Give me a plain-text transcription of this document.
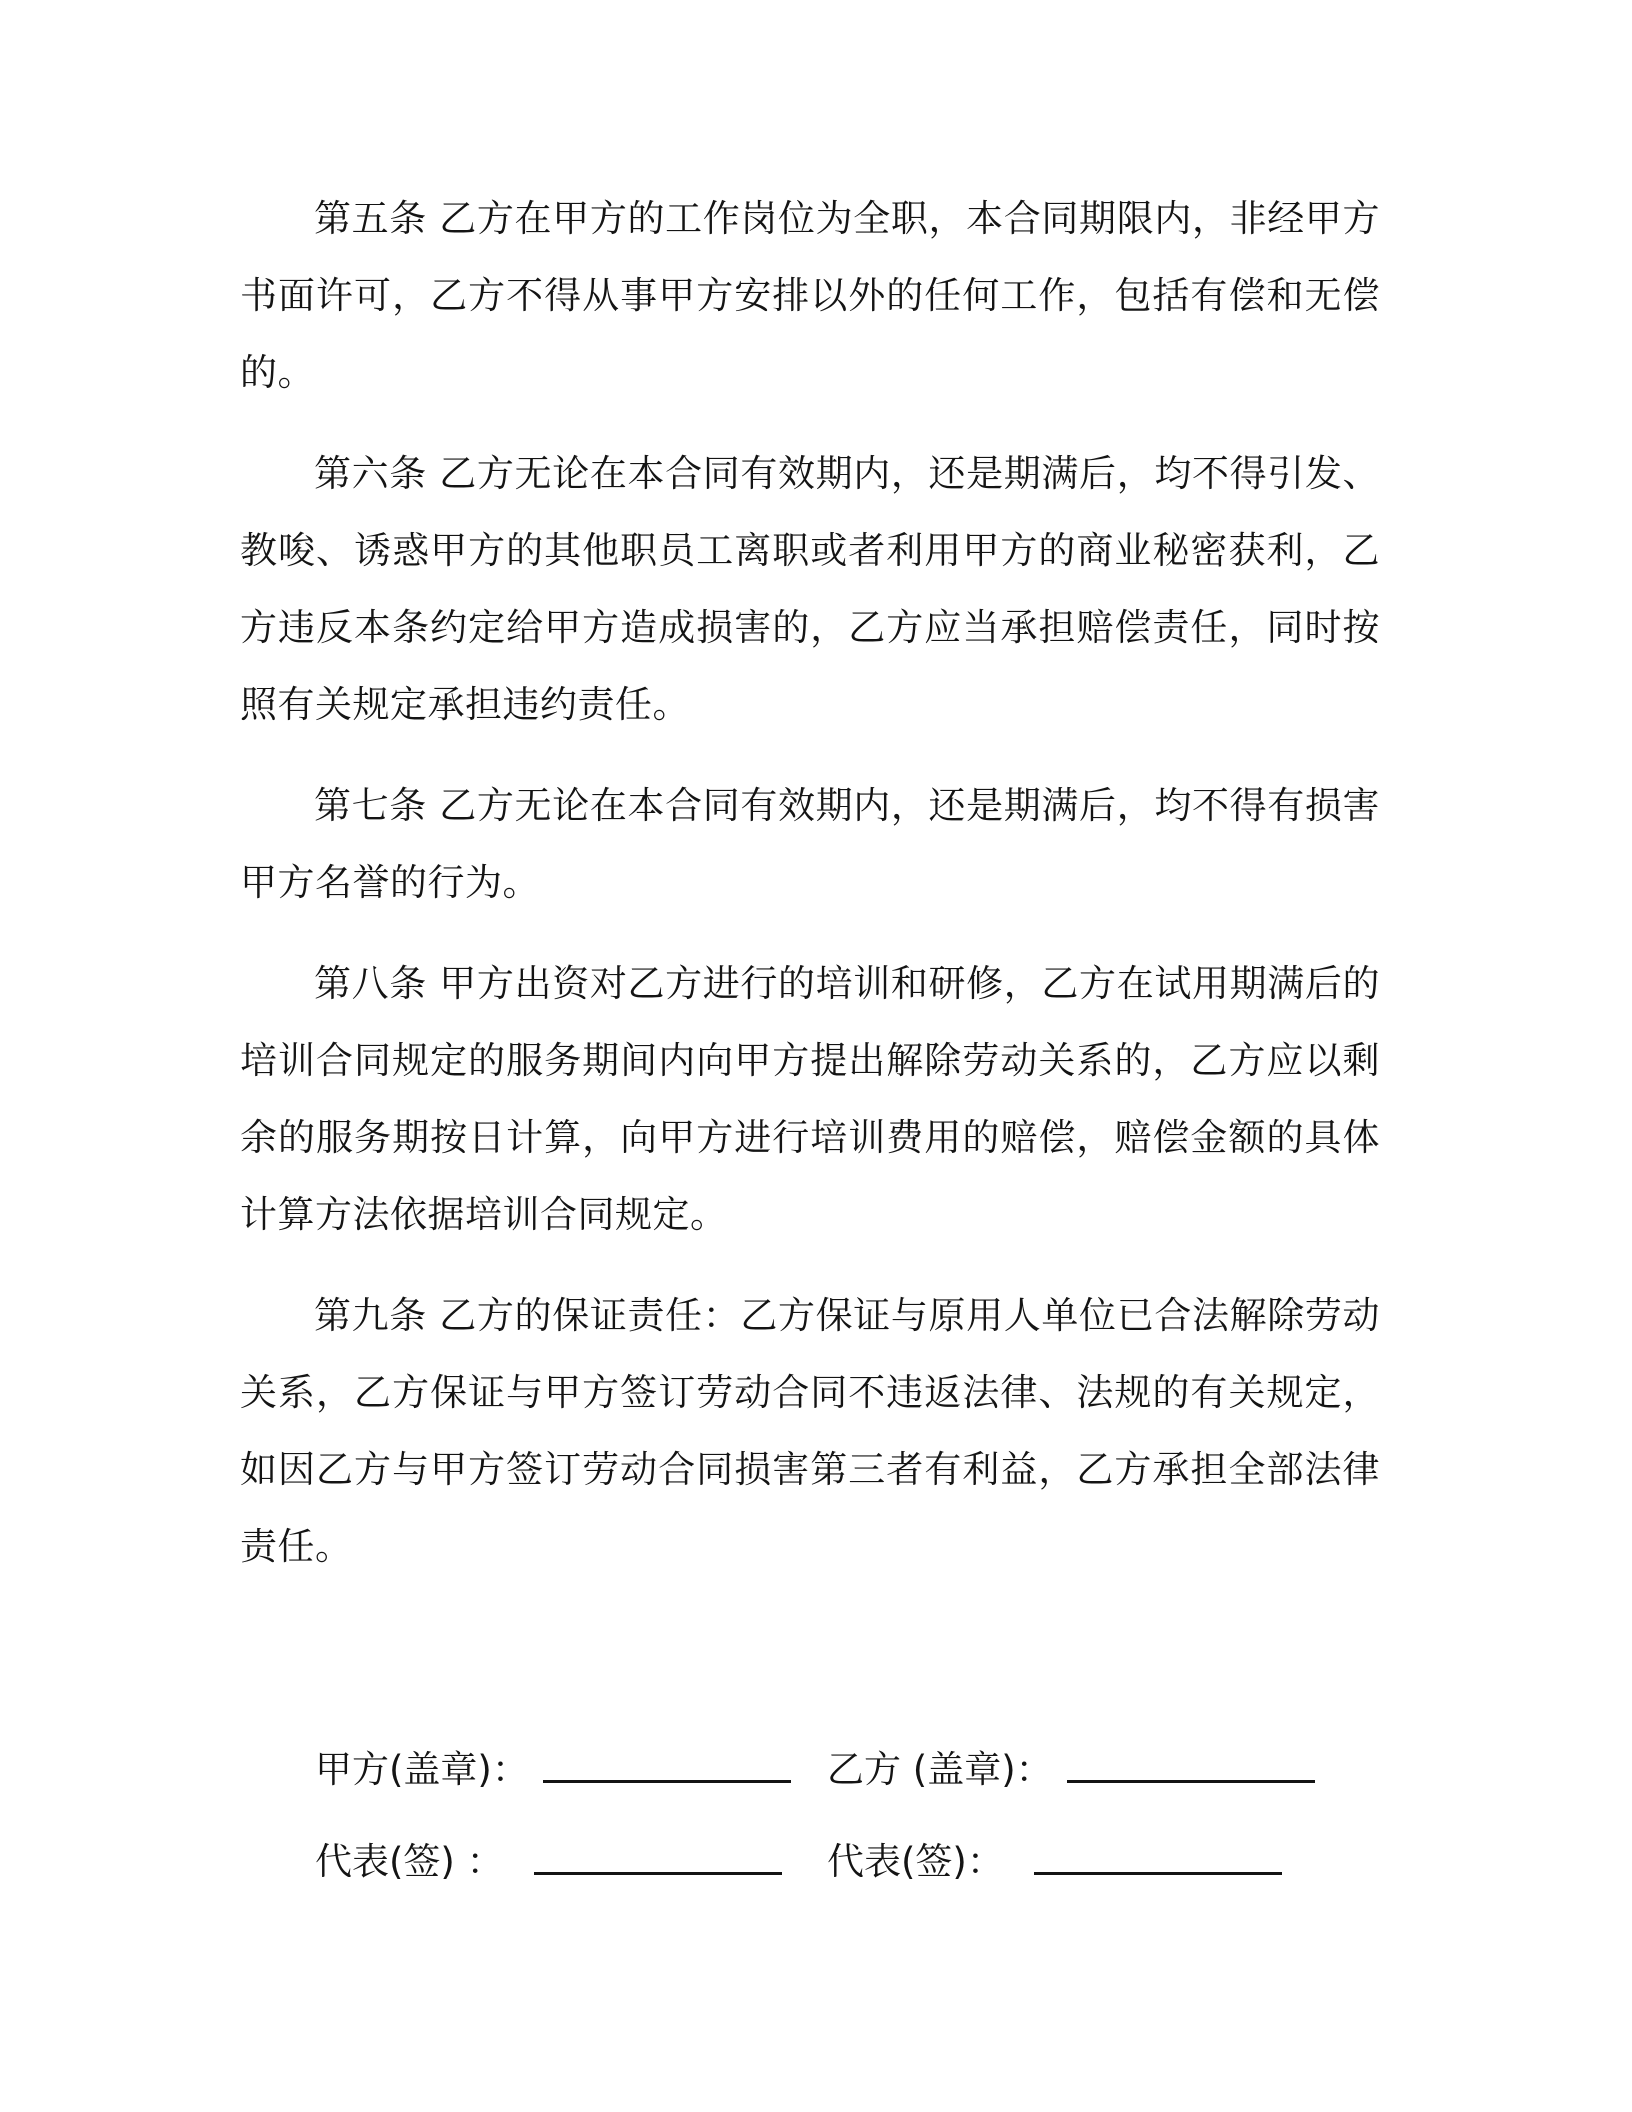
第五条 乙方在甲方的工作岗位为全职，本合同期限内，非经甲方书面许可，乙方不得从事甲方安排以外的任何工作，包括有偿和无偿的。

第六条 乙方无论在本合同有效期内，还是期满后，均不得引发、教唆、诱惑甲方的其他职员工离职或者利用甲方的商业秘密获利，乙方违反本条约定给甲方造成损害的，乙方应当承担赔偿责任，同时按照有关规定承担违约责任。

第七条 乙方无论在本合同有效期内，还是期满后，均不得有损害甲方名誉的行为。

第八条 甲方出资对乙方进行的培训和研修，乙方在试用期满后的培训合同规定的服务期间内向甲方提出解除劳动关系的，乙方应以剩余的服务期按日计算，向甲方进行培训费用的赔偿，赔偿金额的具体计算方法依据培训合同规定。

第九条 乙方的保证责任：乙方保证与原用人单位已合法解除劳动关系，乙方保证与甲方签订劳动合同不违返法律、法规的有关规定，如因乙方与甲方签订劳动合同损害第三者有利益，乙方承担全部法律责任。

甲方(盖章)：	乙方 (盖章)：
代表(签) ：	代表(签)：
